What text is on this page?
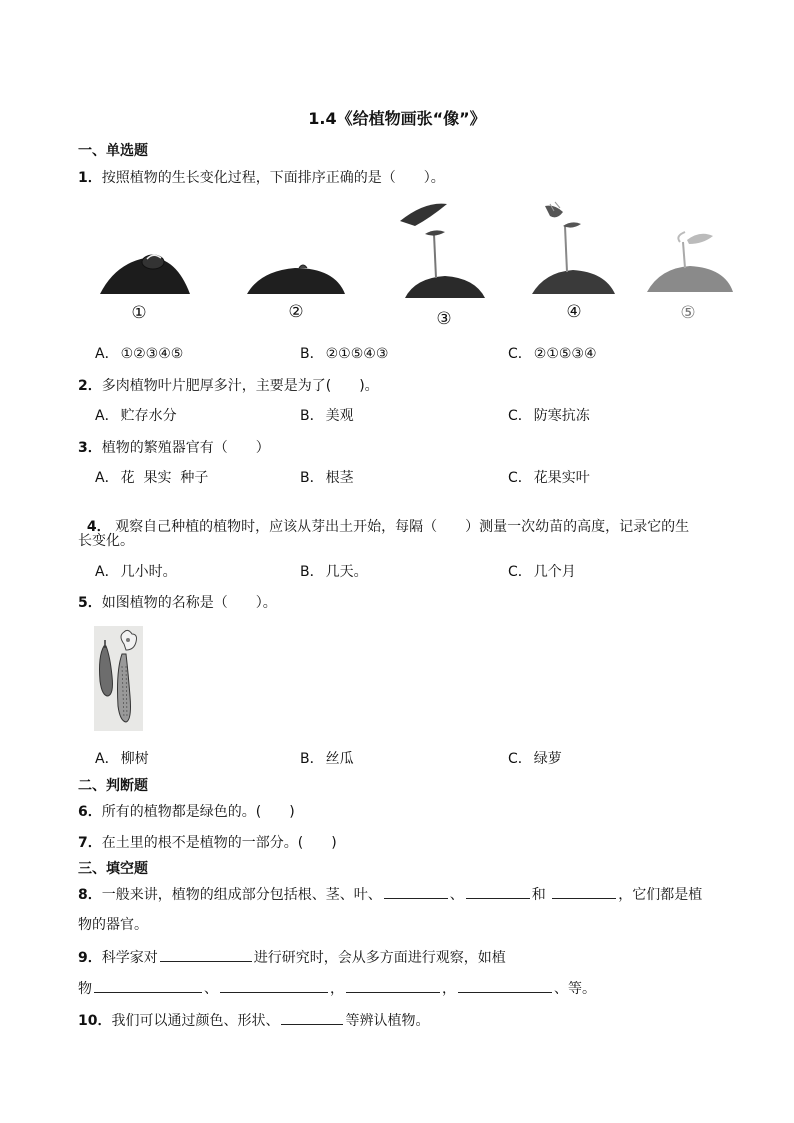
1.4《给植物画张“像”》
一、单选题
1．按照植物的生长变化过程，下面排序正确的是（　　）。
①	②	③	④	⑤
A． ①②③④⑤	B． ②①⑤④③	C． ②①⑤③④
2．多肉植物叶片肥厚多汁，主要是为了(　　)。
A． 贮存水分	B． 美观	C． 防寒抗冻
3．植物的繁殖器官有（　　）
A． 花  果实  种子	B． 根茎	C． 花果实叶

4． 观察自己种植的植物时，应该从芽出土开始，每隔（　　）测量一次幼苗的高度，记录它的生

长变化。
A． 几小时。	B． 几天。	C． 几个月
5．如图植物的名称是（　　）。
A． 柳树	B． 丝瓜	C． 绿萝
二、判断题
6．所有的植物都是绿色的。(　　)
7．在土里的根不是植物的一部分。(　　)
三、填空题
8．一般来讲，植物的组成部分包括根、茎、叶、	、	和	，它们都是植
物的器官。
9．科学家对	进行研究时，会从多方面进行观察，如植
物	、	，	，	、等。
10．我们可以通过颜色、形状、	等辨认植物。
